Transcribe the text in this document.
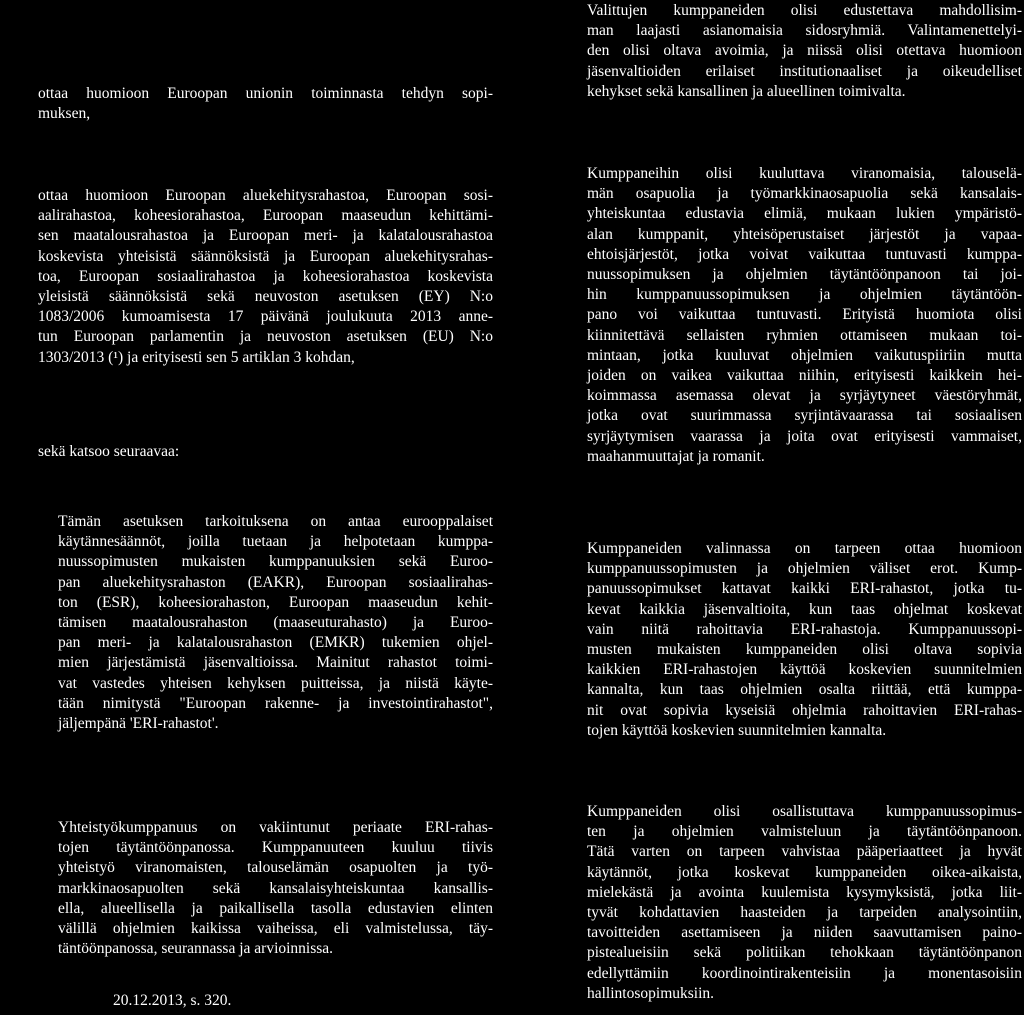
ottaa huomioon Euroopan unionin toiminnasta tehdyn sopi-
muksen,
ottaa huomioon Euroopan aluekehitysrahastoa, Euroopan sosi-
aalirahastoa, koheesiorahastoa, Euroopan maaseudun kehittämi-
sen maatalousrahastoa ja Euroopan meri- ja kalatalousrahastoa
koskevista yhteisistä säännöksistä ja Euroopan aluekehitysrahas-
toa, Euroopan sosiaalirahastoa ja koheesiorahastoa koskevista
yleisistä säännöksistä sekä neuvoston asetuksen (EY) N:o
1083/2006 kumoamisesta 17 päivänä joulukuuta 2013 anne-
tun Euroopan parlamentin ja neuvoston asetuksen (EU) N:o
1303/2013 (¹) ja erityisesti sen 5 artiklan 3 kohdan,
sekä katsoo seuraavaa:
Tämän asetuksen tarkoituksena on antaa eurooppalaiset
käytännesäännöt, joilla tuetaan ja helpotetaan kumppa-
nuussopimusten mukaisten kumppanuuksien sekä Euroo-
pan aluekehitysrahaston (EAKR), Euroopan sosiaalirahas-
ton (ESR), koheesiorahaston, Euroopan maaseudun kehit-
tämisen maatalousrahaston (maaseuturahasto) ja Euroo-
pan meri- ja kalatalousrahaston (EMKR) tukemien ohjel-
mien järjestämistä jäsenvaltioissa. Mainitut rahastot toimi-
vat vastedes yhteisen kehyksen puitteissa, ja niistä käyte-
tään nimitystä "Euroopan rakenne- ja investointirahastot",
jäljempänä 'ERI-rahastot'.
Yhteistyökumppanuus on vakiintunut periaate ERI-rahas-
tojen täytäntöönpanossa. Kumppanuuteen kuuluu tiivis
yhteistyö viranomaisten, talouselämän osapuolten ja työ-
markkinaosapuolten sekä kansalaisyhteiskuntaa kansallis-
ella, alueellisella ja paikallisella tasolla edustavien elinten
välillä ohjelmien kaikissa vaiheissa, eli valmistelussa, täy-
täntöönpanossa, seurannassa ja arvioinnissa.
20.12.2013, s. 320.
Valittujen kumppaneiden olisi edustettava mahdollisim-
man laajasti asianomaisia sidosryhmiä. Valintamenettelyi-
den olisi oltava avoimia, ja niissä olisi otettava huomioon
jäsenvaltioiden erilaiset institutionaaliset ja oikeudelliset
kehykset sekä kansallinen ja alueellinen toimivalta.
Kumppaneihin olisi kuuluttava viranomaisia, talouselä-
män osapuolia ja työmarkkinaosapuolia sekä kansalais-
yhteiskuntaa edustavia elimiä, mukaan lukien ympäristö-
alan kumppanit, yhteisöperustaiset järjestöt ja vapaa-
ehtoisjärjestöt, jotka voivat vaikuttaa tuntuvasti kumppa-
nuussopimuksen ja ohjelmien täytäntöönpanoon tai joi-
hin kumppanuussopimuksen ja ohjelmien täytäntöön-
pano voi vaikuttaa tuntuvasti. Erityistä huomiota olisi
kiinnitettävä sellaisten ryhmien ottamiseen mukaan toi-
mintaan, jotka kuuluvat ohjelmien vaikutuspiiriin mutta
joiden on vaikea vaikuttaa niihin, erityisesti kaikkein hei-
koimmassa asemassa olevat ja syrjäytyneet väestöryhmät,
jotka ovat suurimmassa syrjintävaarassa tai sosiaalisen
syrjäytymisen vaarassa ja joita ovat erityisesti vammaiset,
maahanmuuttajat ja romanit.
Kumppaneiden valinnassa on tarpeen ottaa huomioon
kumppanuussopimusten ja ohjelmien väliset erot. Kump-
panuussopimukset kattavat kaikki ERI-rahastot, jotka tu-
kevat kaikkia jäsenvaltioita, kun taas ohjelmat koskevat
vain niitä rahoittavia ERI-rahastoja. Kumppanuussopi-
musten mukaisten kumppaneiden olisi oltava sopivia
kaikkien ERI-rahastojen käyttöä koskevien suunnitelmien
kannalta, kun taas ohjelmien osalta riittää, että kumppa-
nit ovat sopivia kyseisiä ohjelmia rahoittavien ERI-rahas-
tojen käyttöä koskevien suunnitelmien kannalta.
Kumppaneiden olisi osallistuttava kumppanuussopimus-
ten ja ohjelmien valmisteluun ja täytäntöönpanoon.
Tätä varten on tarpeen vahvistaa pääperiaatteet ja hyvät
käytännöt, jotka koskevat kumppaneiden oikea-aikaista,
mielekästä ja avointa kuulemista kysymyksistä, jotka liit-
tyvät kohdattavien haasteiden ja tarpeiden analysointiin,
tavoitteiden asettamiseen ja niiden saavuttamisen paino-
pistealueisiin sekä politiikan tehokkaan täytäntöönpanon
edellyttämiin koordinointirakenteisiin ja monentasoisiin
hallintosopimuksiin.
